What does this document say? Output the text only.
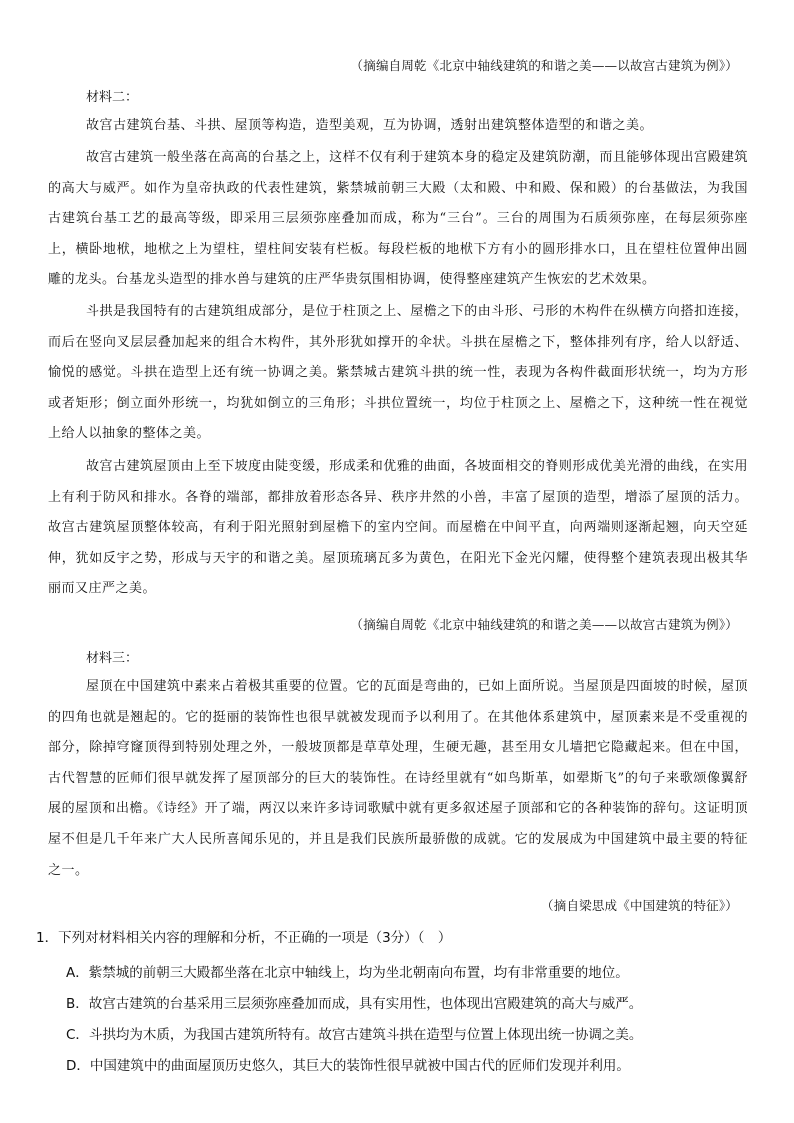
（摘编自周乾《北京中轴线建筑的和谐之美——以故宫古建筑为例》）
材料二：

故宫古建筑台基、斗拱、屋顶等构造，造型美观，互为协调，透射出建筑整体造型的和谐之美。

故宫古建筑一般坐落在高高的台基之上，这样不仅有利于建筑本身的稳定及建筑防潮，而且能够体现出宫殿建筑的高大与威严。如作为皇帝执政的代表性建筑，紫禁城前朝三大殿（太和殿、中和殿、保和殿）的台基做法，为我国古建筑台基工艺的最高等级，即采用三层须弥座叠加而成，称为“三台”。三台的周围为石质须弥座，在每层须弥座上，横卧地栿，地栿之上为望柱，望柱间安装有栏板。每段栏板的地栿下方有小的圆形排水口，且在望柱位置伸出圆雕的龙头。台基龙头造型的排水兽与建筑的庄严华贵氛围相协调，使得整座建筑产生恢宏的艺术效果。

斗拱是我国特有的古建筑组成部分，是位于柱顶之上、屋檐之下的由斗形、弓形的木构件在纵横方向搭扣连接，而后在竖向叉层层叠加起来的组合木构件，其外形犹如撑开的伞状。斗拱在屋檐之下，整体排列有序，给人以舒适、愉悦的感觉。斗拱在造型上还有统一协调之美。紫禁城古建筑斗拱的统一性，表现为各构件截面形状统一，均为方形或者矩形；倒立面外形统一，均犹如倒立的三角形；斗拱位置统一，均位于柱顶之上、屋檐之下，这种统一性在视觉上给人以抽象的整体之美。

故宫古建筑屋顶由上至下坡度由陡变缓，形成柔和优雅的曲面，各坡面相交的脊则形成优美光滑的曲线，在实用上有利于防风和排水。各脊的端部，都排放着形态各异、秩序井然的小兽，丰富了屋顶的造型，增添了屋顶的活力。故宫古建筑屋顶整体较高，有利于阳光照射到屋檐下的室内空间。而屋檐在中间平直，向两端则逐渐起翘，向天空延伸，犹如反宇之势，形成与天宇的和谐之美。屋顶琉璃瓦多为黄色，在阳光下金光闪耀，使得整个建筑表现出极其华丽而又庄严之美。

（摘编自周乾《北京中轴线建筑的和谐之美——以故宫古建筑为例》）
材料三：

屋顶在中国建筑中素来占着极其重要的位置。它的瓦面是弯曲的，已如上面所说。当屋顶是四面坡的时候，屋顶的四角也就是翘起的。它的挺丽的装饰性也很早就被发现而予以利用了。在其他体系建筑中，屋顶素来是不受重视的部分，除掉穹窿顶得到特别处理之外，一般坡顶都是草草处理，生硬无趣，甚至用女儿墙把它隐藏起来。但在中国，古代智慧的匠师们很早就发挥了屋顶部分的巨大的装饰性。在诗经里就有“如鸟斯革，如翚斯飞”的句子来歌颂像翼舒展的屋顶和出檐。《诗经》开了端，两汉以来许多诗词歌赋中就有更多叙述屋子顶部和它的各种装饰的辞句。这证明顶屋不但是几千年来广大人民所喜闻乐见的，并且是我们民族所最骄傲的成就。它的发展成为中国建筑中最主要的特征之一。

（摘自梁思成《中国建筑的特征》）
1．下列对材料相关内容的理解和分析，不正确的一项是（3分）（　）
A．紫禁城的前朝三大殿都坐落在北京中轴线上，均为坐北朝南向布置，均有非常重要的地位。
B．故宫古建筑的台基采用三层须弥座叠加而成，具有实用性，也体现出宫殿建筑的高大与威严。
C．斗拱均为木质，为我国古建筑所特有。故宫古建筑斗拱在造型与位置上体现出统一协调之美。
D．中国建筑中的曲面屋顶历史悠久，其巨大的装饰性很早就被中国古代的匠师们发现并利用。
